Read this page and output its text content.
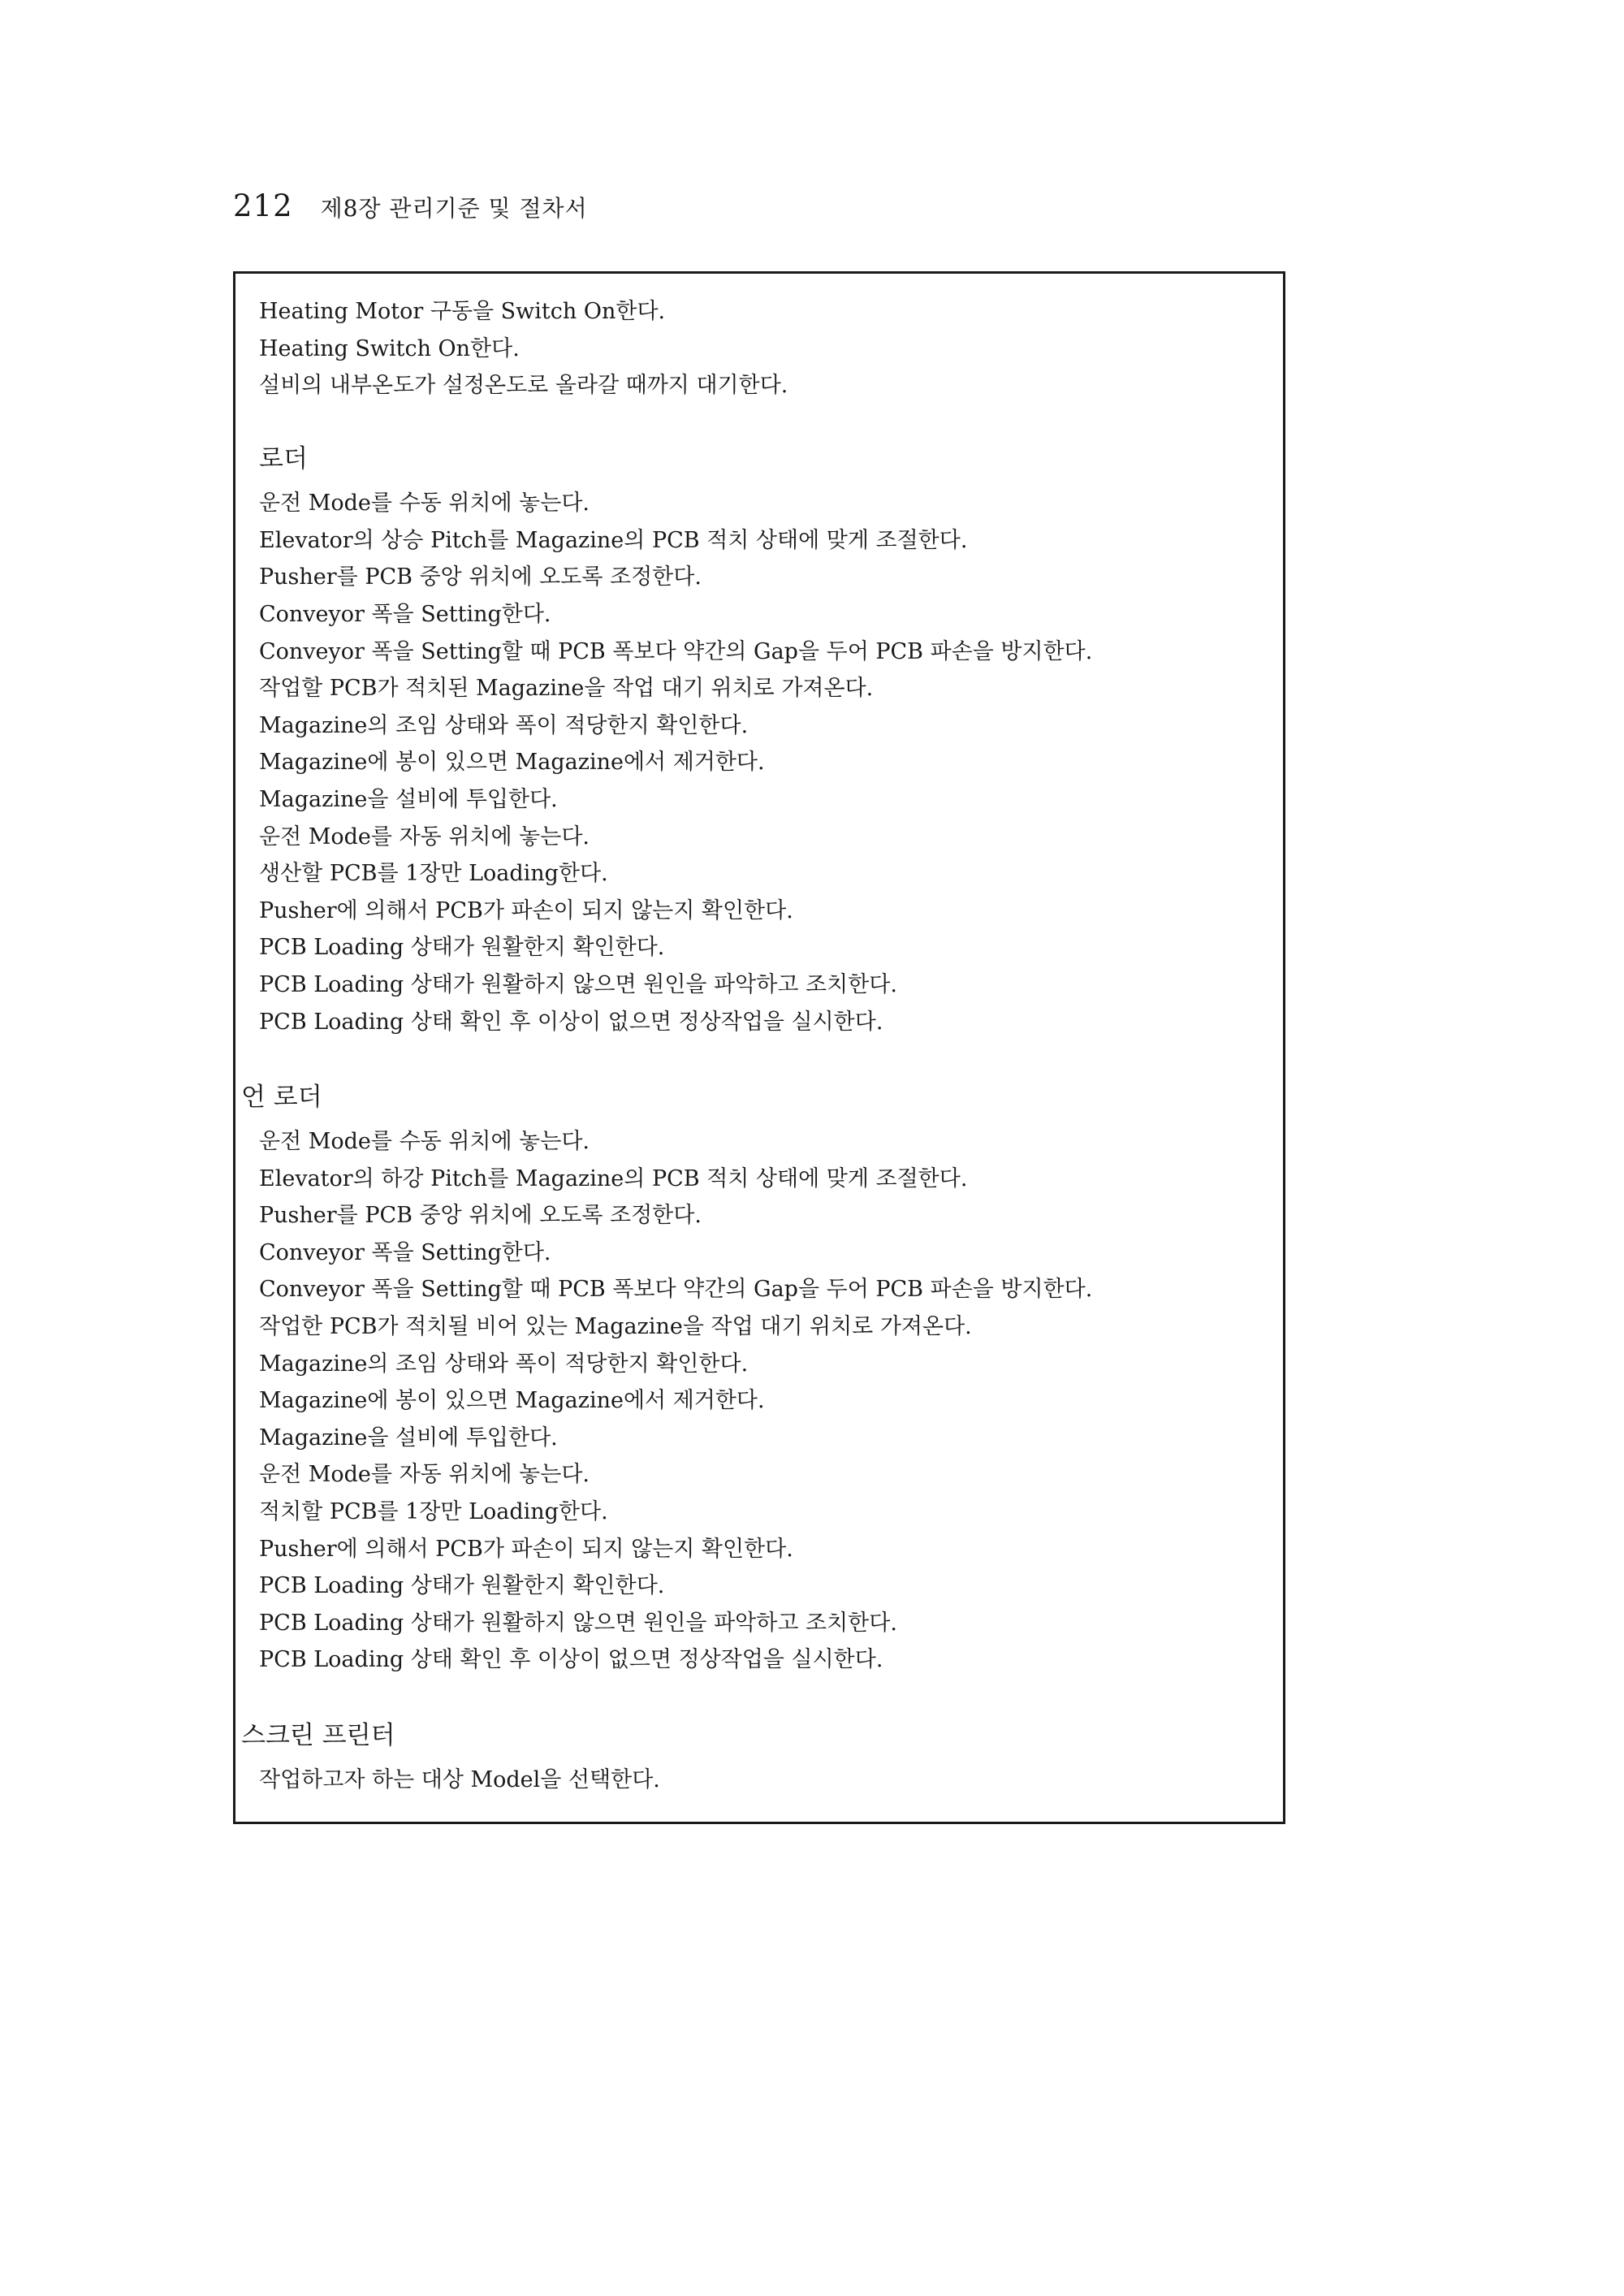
212 제8장 관리기준 및 절차서
Heating Motor 구동을 Switch On한다.
Heating Switch On한다.
설비의 내부온도가 설정온도로 올라갈 때까지 대기한다.
로더
운전 Mode를 수동 위치에 놓는다.
Elevator의 상승 Pitch를 Magazine의 PCB 적치 상태에 맞게 조절한다.
Pusher를 PCB 중앙 위치에 오도록 조정한다.
Conveyor 폭을 Setting한다.
Conveyor 폭을 Setting할 때 PCB 폭보다 약간의 Gap을 두어 PCB 파손을 방지한다.
작업할 PCB가 적치된 Magazine을 작업 대기 위치로 가져온다.
Magazine의 조임 상태와 폭이 적당한지 확인한다.
Magazine에 봉이 있으면 Magazine에서 제거한다.
Magazine을 설비에 투입한다.
운전 Mode를 자동 위치에 놓는다.
생산할 PCB를 1장만 Loading한다.
Pusher에 의해서 PCB가 파손이 되지 않는지 확인한다.
PCB Loading 상태가 원활한지 확인한다.
PCB Loading 상태가 원활하지 않으면 원인을 파악하고 조치한다.
PCB Loading 상태 확인 후 이상이 없으면 정상작업을 실시한다.
언 로더
운전 Mode를 수동 위치에 놓는다.
Elevator의 하강 Pitch를 Magazine의 PCB 적치 상태에 맞게 조절한다.
Pusher를 PCB 중앙 위치에 오도록 조정한다.
Conveyor 폭을 Setting한다.
Conveyor 폭을 Setting할 때 PCB 폭보다 약간의 Gap을 두어 PCB 파손을 방지한다.
작업한 PCB가 적치될 비어 있는 Magazine을 작업 대기 위치로 가져온다.
Magazine의 조임 상태와 폭이 적당한지 확인한다.
Magazine에 봉이 있으면 Magazine에서 제거한다.
Magazine을 설비에 투입한다.
운전 Mode를 자동 위치에 놓는다.
적치할 PCB를 1장만 Loading한다.
Pusher에 의해서 PCB가 파손이 되지 않는지 확인한다.
PCB Loading 상태가 원활한지 확인한다.
PCB Loading 상태가 원활하지 않으면 원인을 파악하고 조치한다.
PCB Loading 상태 확인 후 이상이 없으면 정상작업을 실시한다.
스크린 프린터
작업하고자 하는 대상 Model을 선택한다.
